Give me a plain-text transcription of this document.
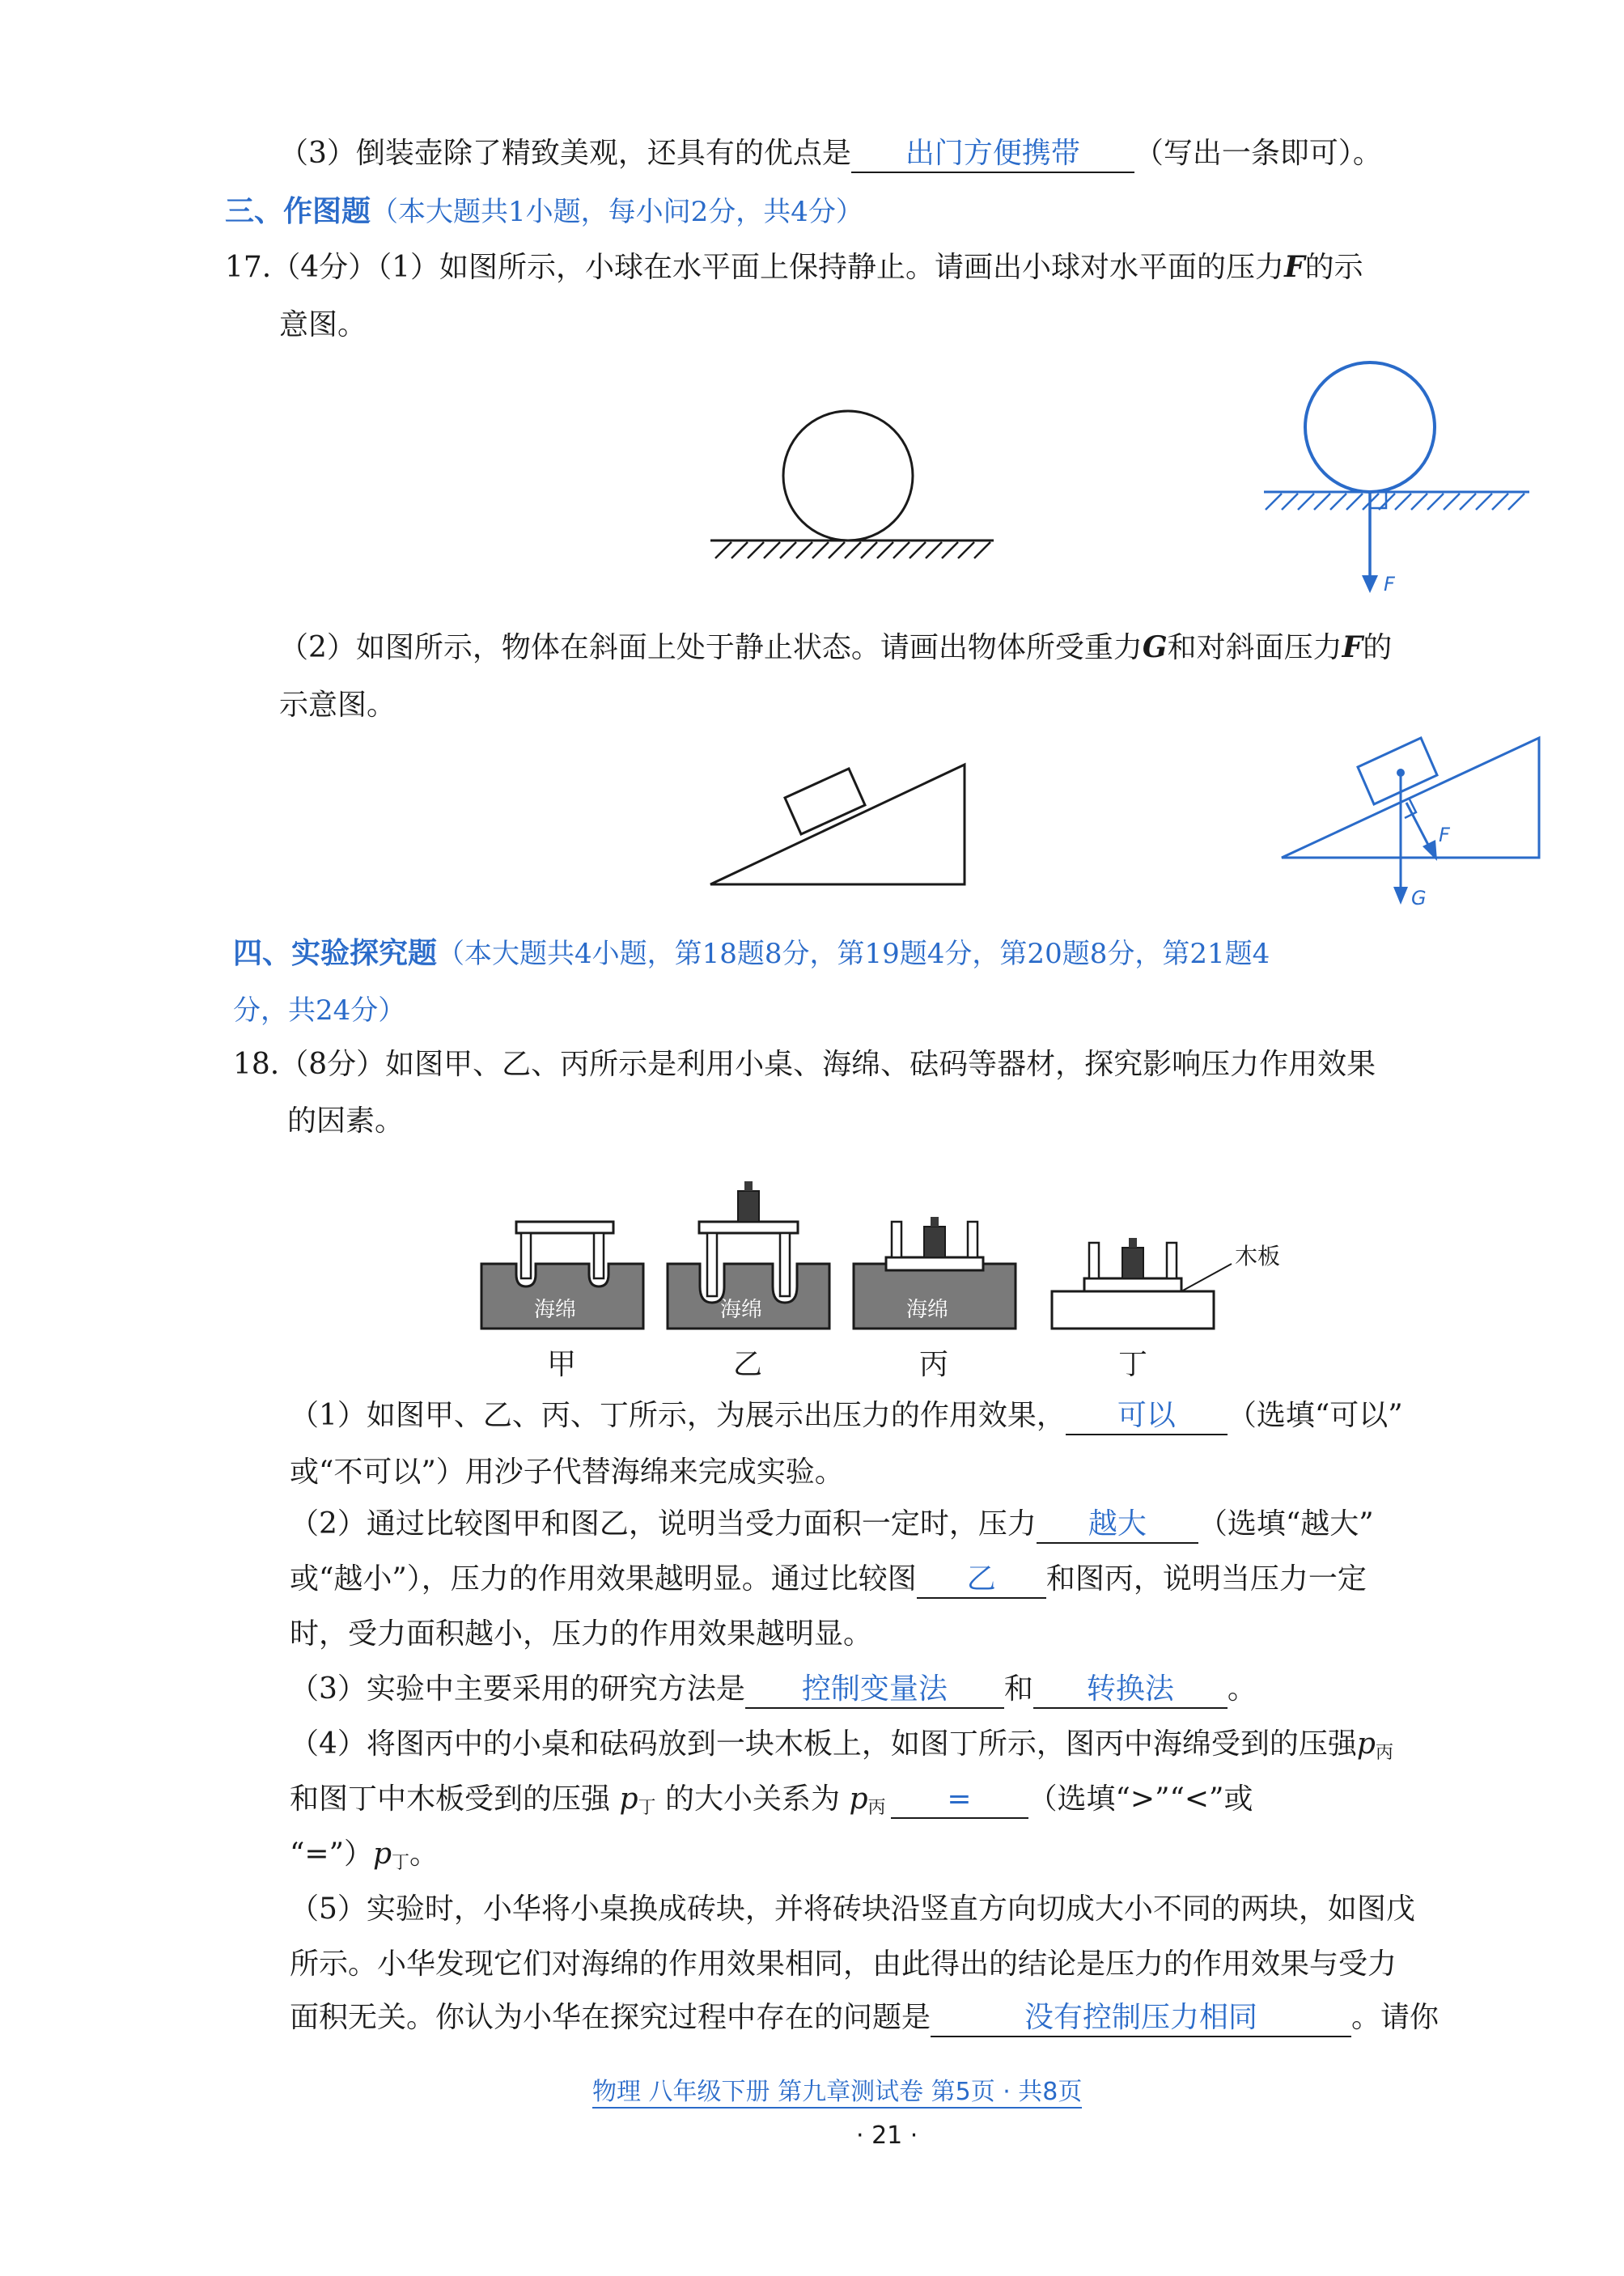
（3）倒装壶除了精致美观，还具有的优点是 出门方便携带 （写出一条即可）。
三、作图题（本大题共1小题，每小问2分，共4分）
17.（4分）（1）如图所示，小球在水平面上保持静止。请画出小球对水平面的压力F的示
意图。
F
（2）如图所示，物体在斜面上处于静止状态。请画出物体所受重力G和对斜面压力F的
示意图。
G
F
四、实验探究题（本大题共4小题，第18题8分，第19题4分，第20题8分，第21题4
分，共24分）
18.（8分）如图甲、乙、丙所示是利用小桌、海绵、砝码等器材，探究影响压力作用效果
的因素。
海绵	海绵	海绵
木板
甲	乙	丙	丁
（1）如图甲、乙、丙、丁所示，为展示出压力的作用效果， 可以 （选填“可以”
或“不可以”）用沙子代替海绵来完成实验。
（2）通过比较图甲和图乙，说明当受力面积一定时，压力 越大 （选填“越大”
或“越小”），压力的作用效果越明显。通过比较图 乙 和图丙，说明当压力一定
时，受力面积越小，压力的作用效果越明显。
（3）实验中主要采用的研究方法是 控制变量法 和 转换法 。
（4）将图丙中的小桌和砝码放到一块木板上，如图丁所示，图丙中海绵受到的压强$p_丙$
和图丁中木板受到的压强 $p_丁$ 的大小关系为 $p_丙$ = （选填“>”“<”或
“$=”)p_丁$。
（5）实验时，小华将小桌换成砖块，并将砖块沿竖直方向切成大小不同的两块，如图戊
所示。小华发现它们对海绵的作用效果相同，由此得出的结论是压力的作用效果与受力
面积无关。你认为小华在探究过程中存在的问题是	没有控制压力相同	。请你
物理 八年级下册 第九章测试卷 第5页 · 共8页
· 21 ·
